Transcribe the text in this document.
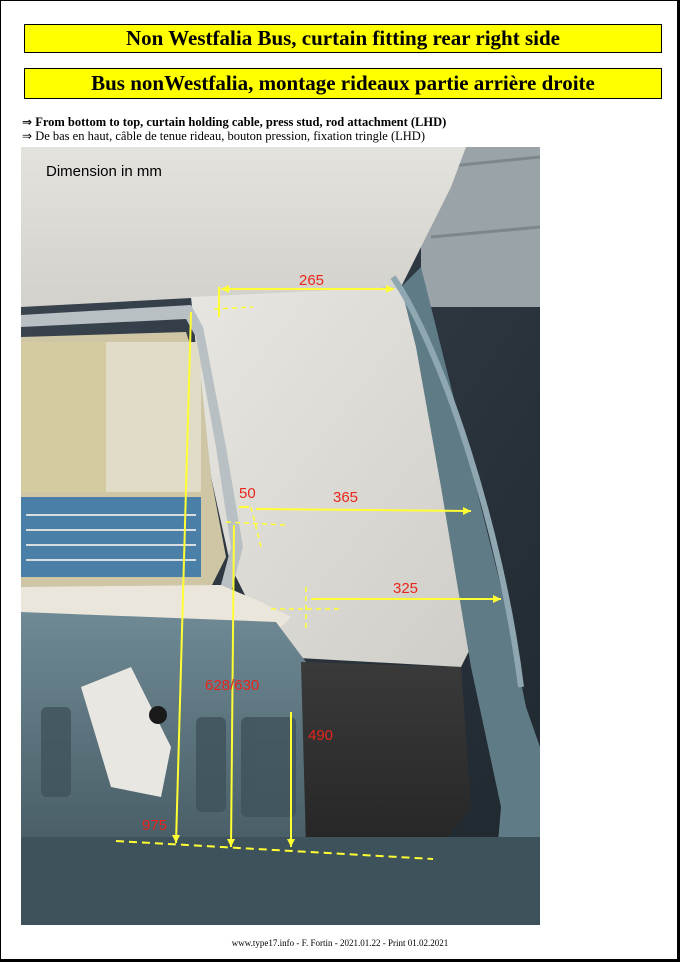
Non Westfalia Bus, curtain fitting rear right side
Bus nonWestfalia, montage rideaux partie arrière droite
⇒ From bottom to top, curtain holding cable, press stud, rod attachment (LHD)
⇒ De bas en haut, câble de tenue rideau, bouton pression, fixation tringle (LHD)
Dimension in mm
265
50	365
325
628/630
490
975
www.type17.info - F. Fortin - 2021.01.22 - Print 01.02.2021
